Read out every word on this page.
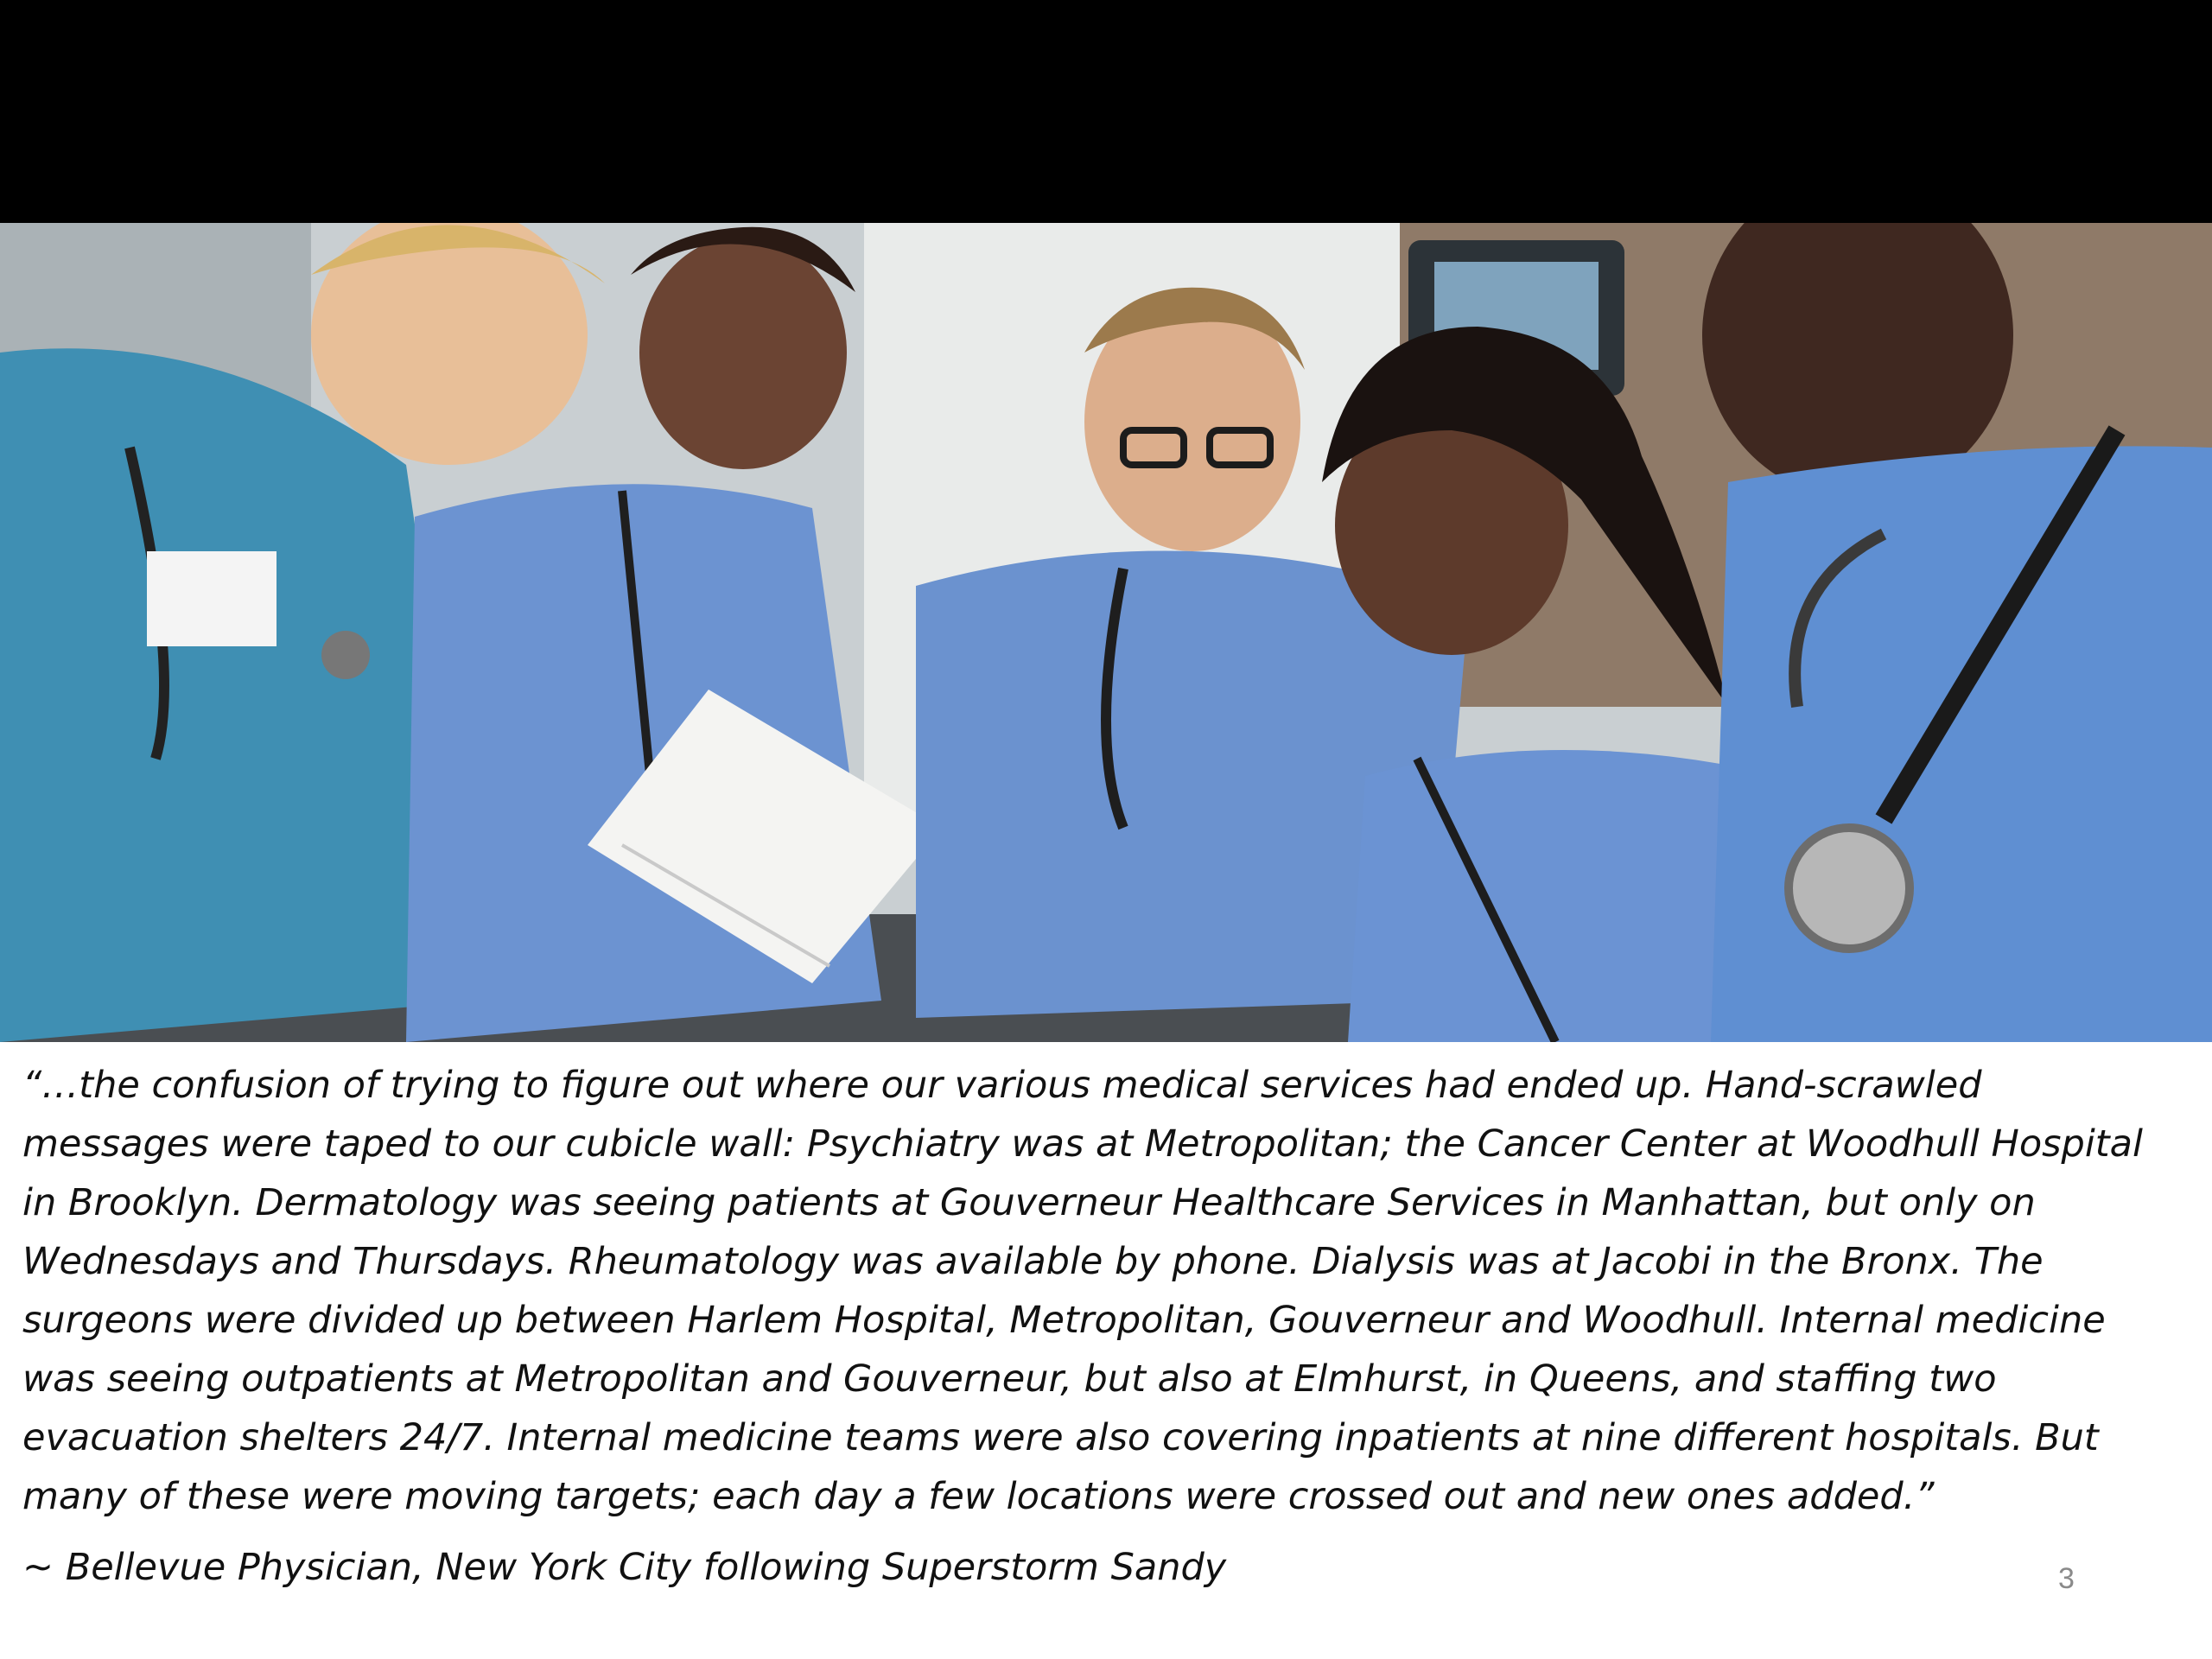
“…the confusion of trying to figure out where our various medical services had ended up. Hand-scrawled
messages were taped to our cubicle wall: Psychiatry was at Metropolitan; the Cancer Center at Woodhull Hospital
in Brooklyn. Dermatology was seeing patients at Gouverneur Healthcare Services in Manhattan, but only on
Wednesdays and Thursdays. Rheumatology was available by phone. Dialysis was at Jacobi in the Bronx. The
surgeons were divided up between Harlem Hospital, Metropolitan, Gouverneur and Woodhull. Internal medicine
was seeing outpatients at Metropolitan and Gouverneur, but also at Elmhurst, in Queens, and staffing two
evacuation shelters 24/7. Internal medicine teams were also covering inpatients at nine different hospitals. But
many of these were moving targets; each day a few locations were crossed out and new ones added.”

~ Bellevue Physician, New York City following Superstorm Sandy	3
